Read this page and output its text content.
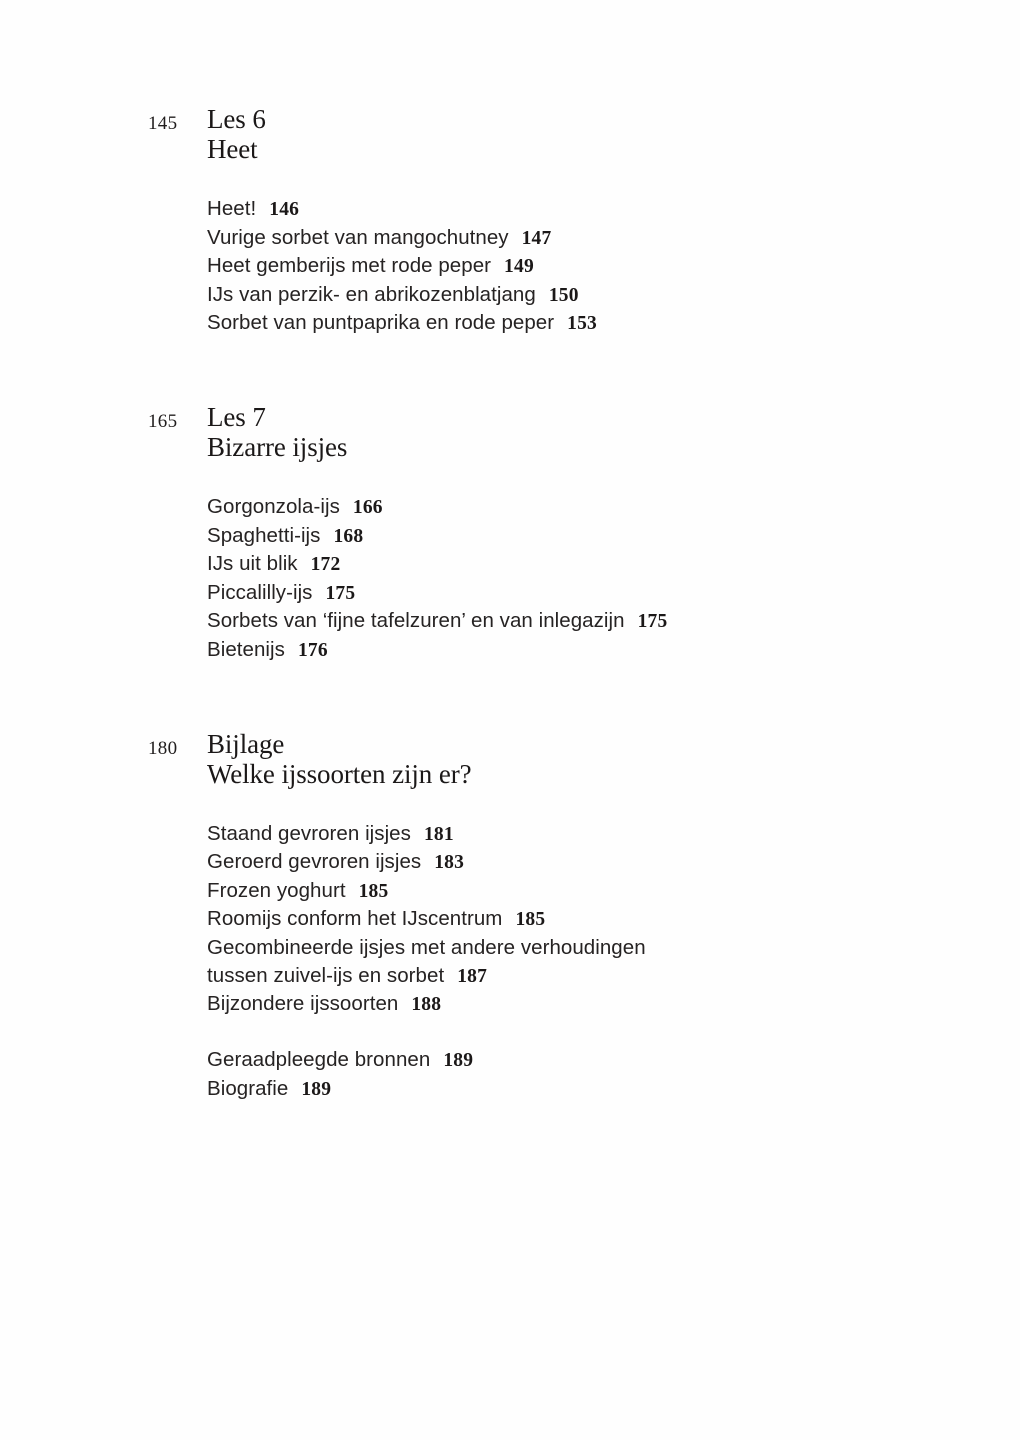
145	Les 6
Heet
Heet! 146
Vurige sorbet van mangochutney 147
Heet gemberijs met rode peper 149
IJs van perzik- en abrikozenblatjang 150
Sorbet van puntpaprika en rode peper 153
165	Les 7
Bizarre ijsjes
Gorgonzola-ijs 166
Spaghetti-ijs 168
IJs uit blik 172
Piccalilly-ijs 175
Sorbets van ‘fijne tafelzuren’ en van inlegazijn 175
Bietenijs 176
180	Bijlage
Welke ijssoorten zijn er?
Staand gevroren ijsjes 181
Geroerd gevroren ijsjes 183
Frozen yoghurt 185
Roomijs conform het IJscentrum 185
Gecombineerde ijsjes met andere verhoudingen
tussen zuivel-ijs en sorbet 187
Bijzondere ijssoorten 188
Geraadpleegde bronnen 189
Biografie 189
